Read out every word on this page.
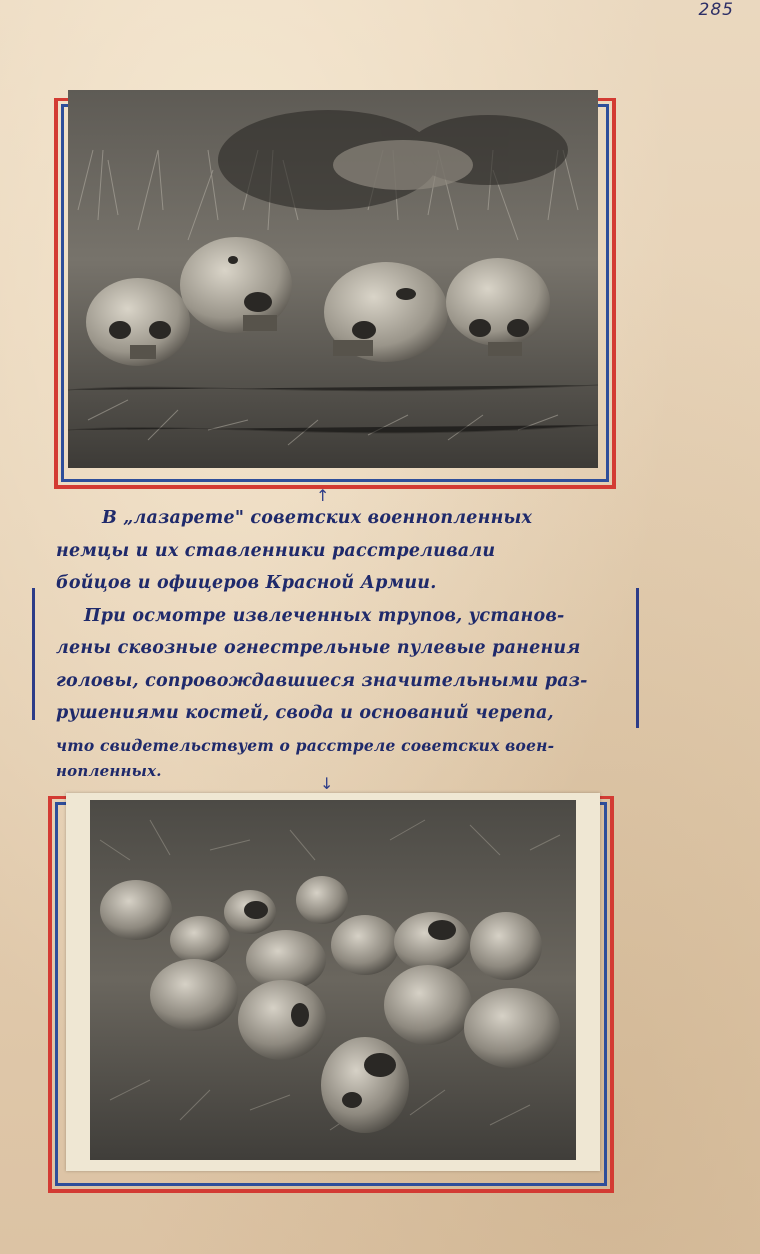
285
↑
В „лазарете" советских военнопленных
немцы и их ставленники расстреливали
бойцов и офицеров Красной Армии.
При осмотре извлеченных трупов, установ-
лены сквозные огнестрельные пулевые ранения
головы, сопровождавшиеся значительными раз-
рушениями костей, свода и оснований черепа,
что свидетельствует о расстреле советских воен-
нопленных.
↓
